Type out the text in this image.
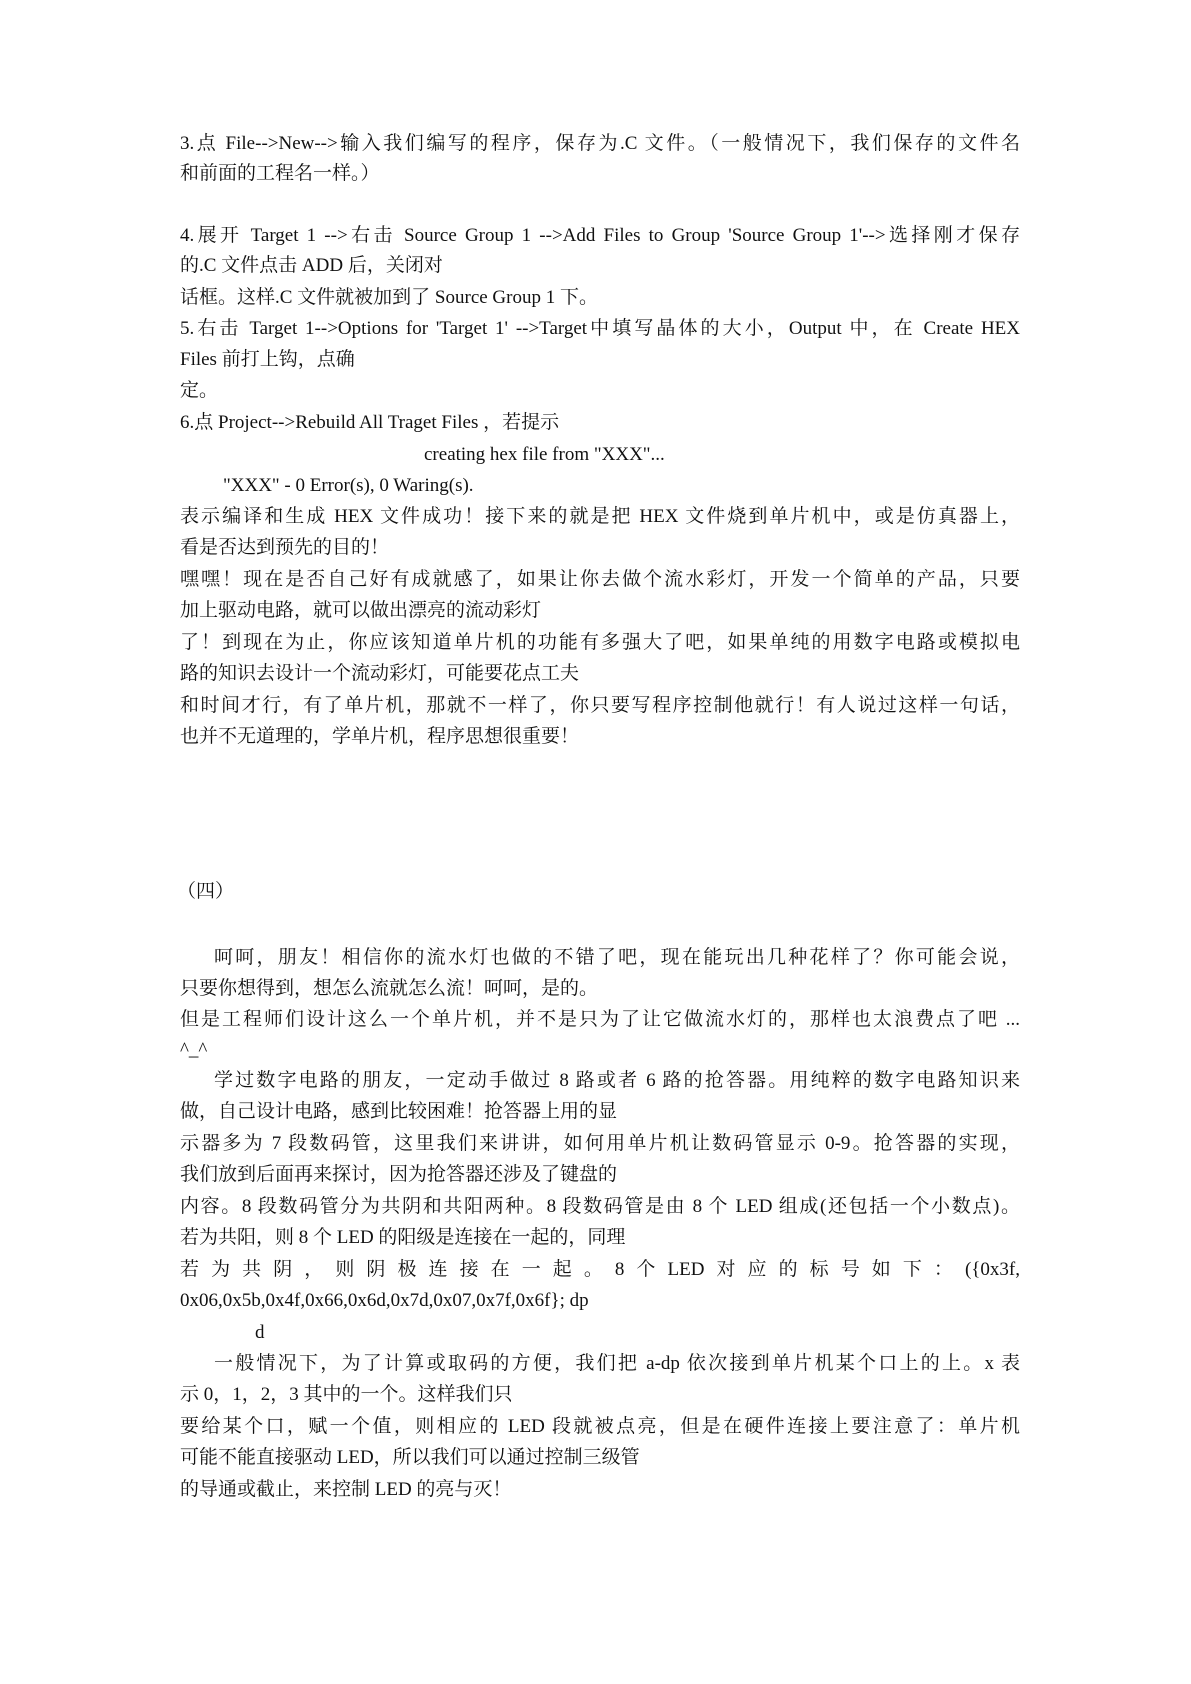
3.点 File-->New-->输入我们编写的程序，保存为.C 文件。（一般情况下，我们保存的文件名
和前面的工程名一样。）
4.展开 Target 1 -->右击 Source Group 1 -->Add Files to Group 'Source Group 1'-->选择刚才保存
的.C 文件点击 ADD 后，关闭对
话框。这样.C 文件就被加到了 Source Group 1 下。
5.右击 Target 1-->Options for 'Target 1' -->Target中填写晶体的大小，Output 中，在 Create HEX
Files 前打上钩，点确
定。
6.点 Project-->Rebuild All Traget Files ，若提示
creating hex file from "XXX"...
"XXX" - 0 Error(s), 0 Waring(s).
表示编译和生成 HEX 文件成功！接下来的就是把 HEX 文件烧到单片机中，或是仿真器上，
看是否达到预先的目的！
嘿嘿！现在是否自己好有成就感了，如果让你去做个流水彩灯，开发一个简单的产品，只要
加上驱动电路，就可以做出漂亮的流动彩灯
了！到现在为止，你应该知道单片机的功能有多强大了吧，如果单纯的用数字电路或模拟电
路的知识去设计一个流动彩灯，可能要花点工夫
和时间才行，有了单片机，那就不一样了，你只要写程序控制他就行！有人说过这样一句话，
也并不无道理的，学单片机，程序思想很重要！
（四）
呵呵，朋友！相信你的流水灯也做的不错了吧，现在能玩出几种花样了？你可能会说，
只要你想得到，想怎么流就怎么流！呵呵，是的。
但是工程师们设计这么一个单片机，并不是只为了让它做流水灯的，那样也太浪费点了吧 ...
^_^
学过数字电路的朋友，一定动手做过 8 路或者 6 路的抢答器。用纯粹的数字电路知识来
做，自己设计电路，感到比较困难！抢答器上用的显
示器多为 7 段数码管，这里我们来讲讲，如何用单片机让数码管显示 0-9。抢答器的实现，
我们放到后面再来探讨，因为抢答器还涉及了键盘的
内容。8 段数码管分为共阴和共阳两种。8 段数码管是由 8 个 LED 组成(还包括一个小数点)。
若为共阳，则 8 个 LED 的阳级是连接在一起的，同理
若 为 共 阴 ， 则 阴 极 连 接 在 一 起 。 8 个 LED 对 应 的 标 号 如 下 ： ({0x3f,
0x06,0x5b,0x4f,0x66,0x6d,0x7d,0x07,0x7f,0x6f}; dp
d
一般情况下，为了计算或取码的方便，我们把 a-dp 依次接到单片机某个口上的上。x 表
示 0，1，2，3 其中的一个。这样我们只
要给某个口，赋一个值，则相应的 LED 段就被点亮，但是在硬件连接上要注意了：单片机
可能不能直接驱动 LED，所以我们可以通过控制三级管
的导通或截止，来控制 LED 的亮与灭！
